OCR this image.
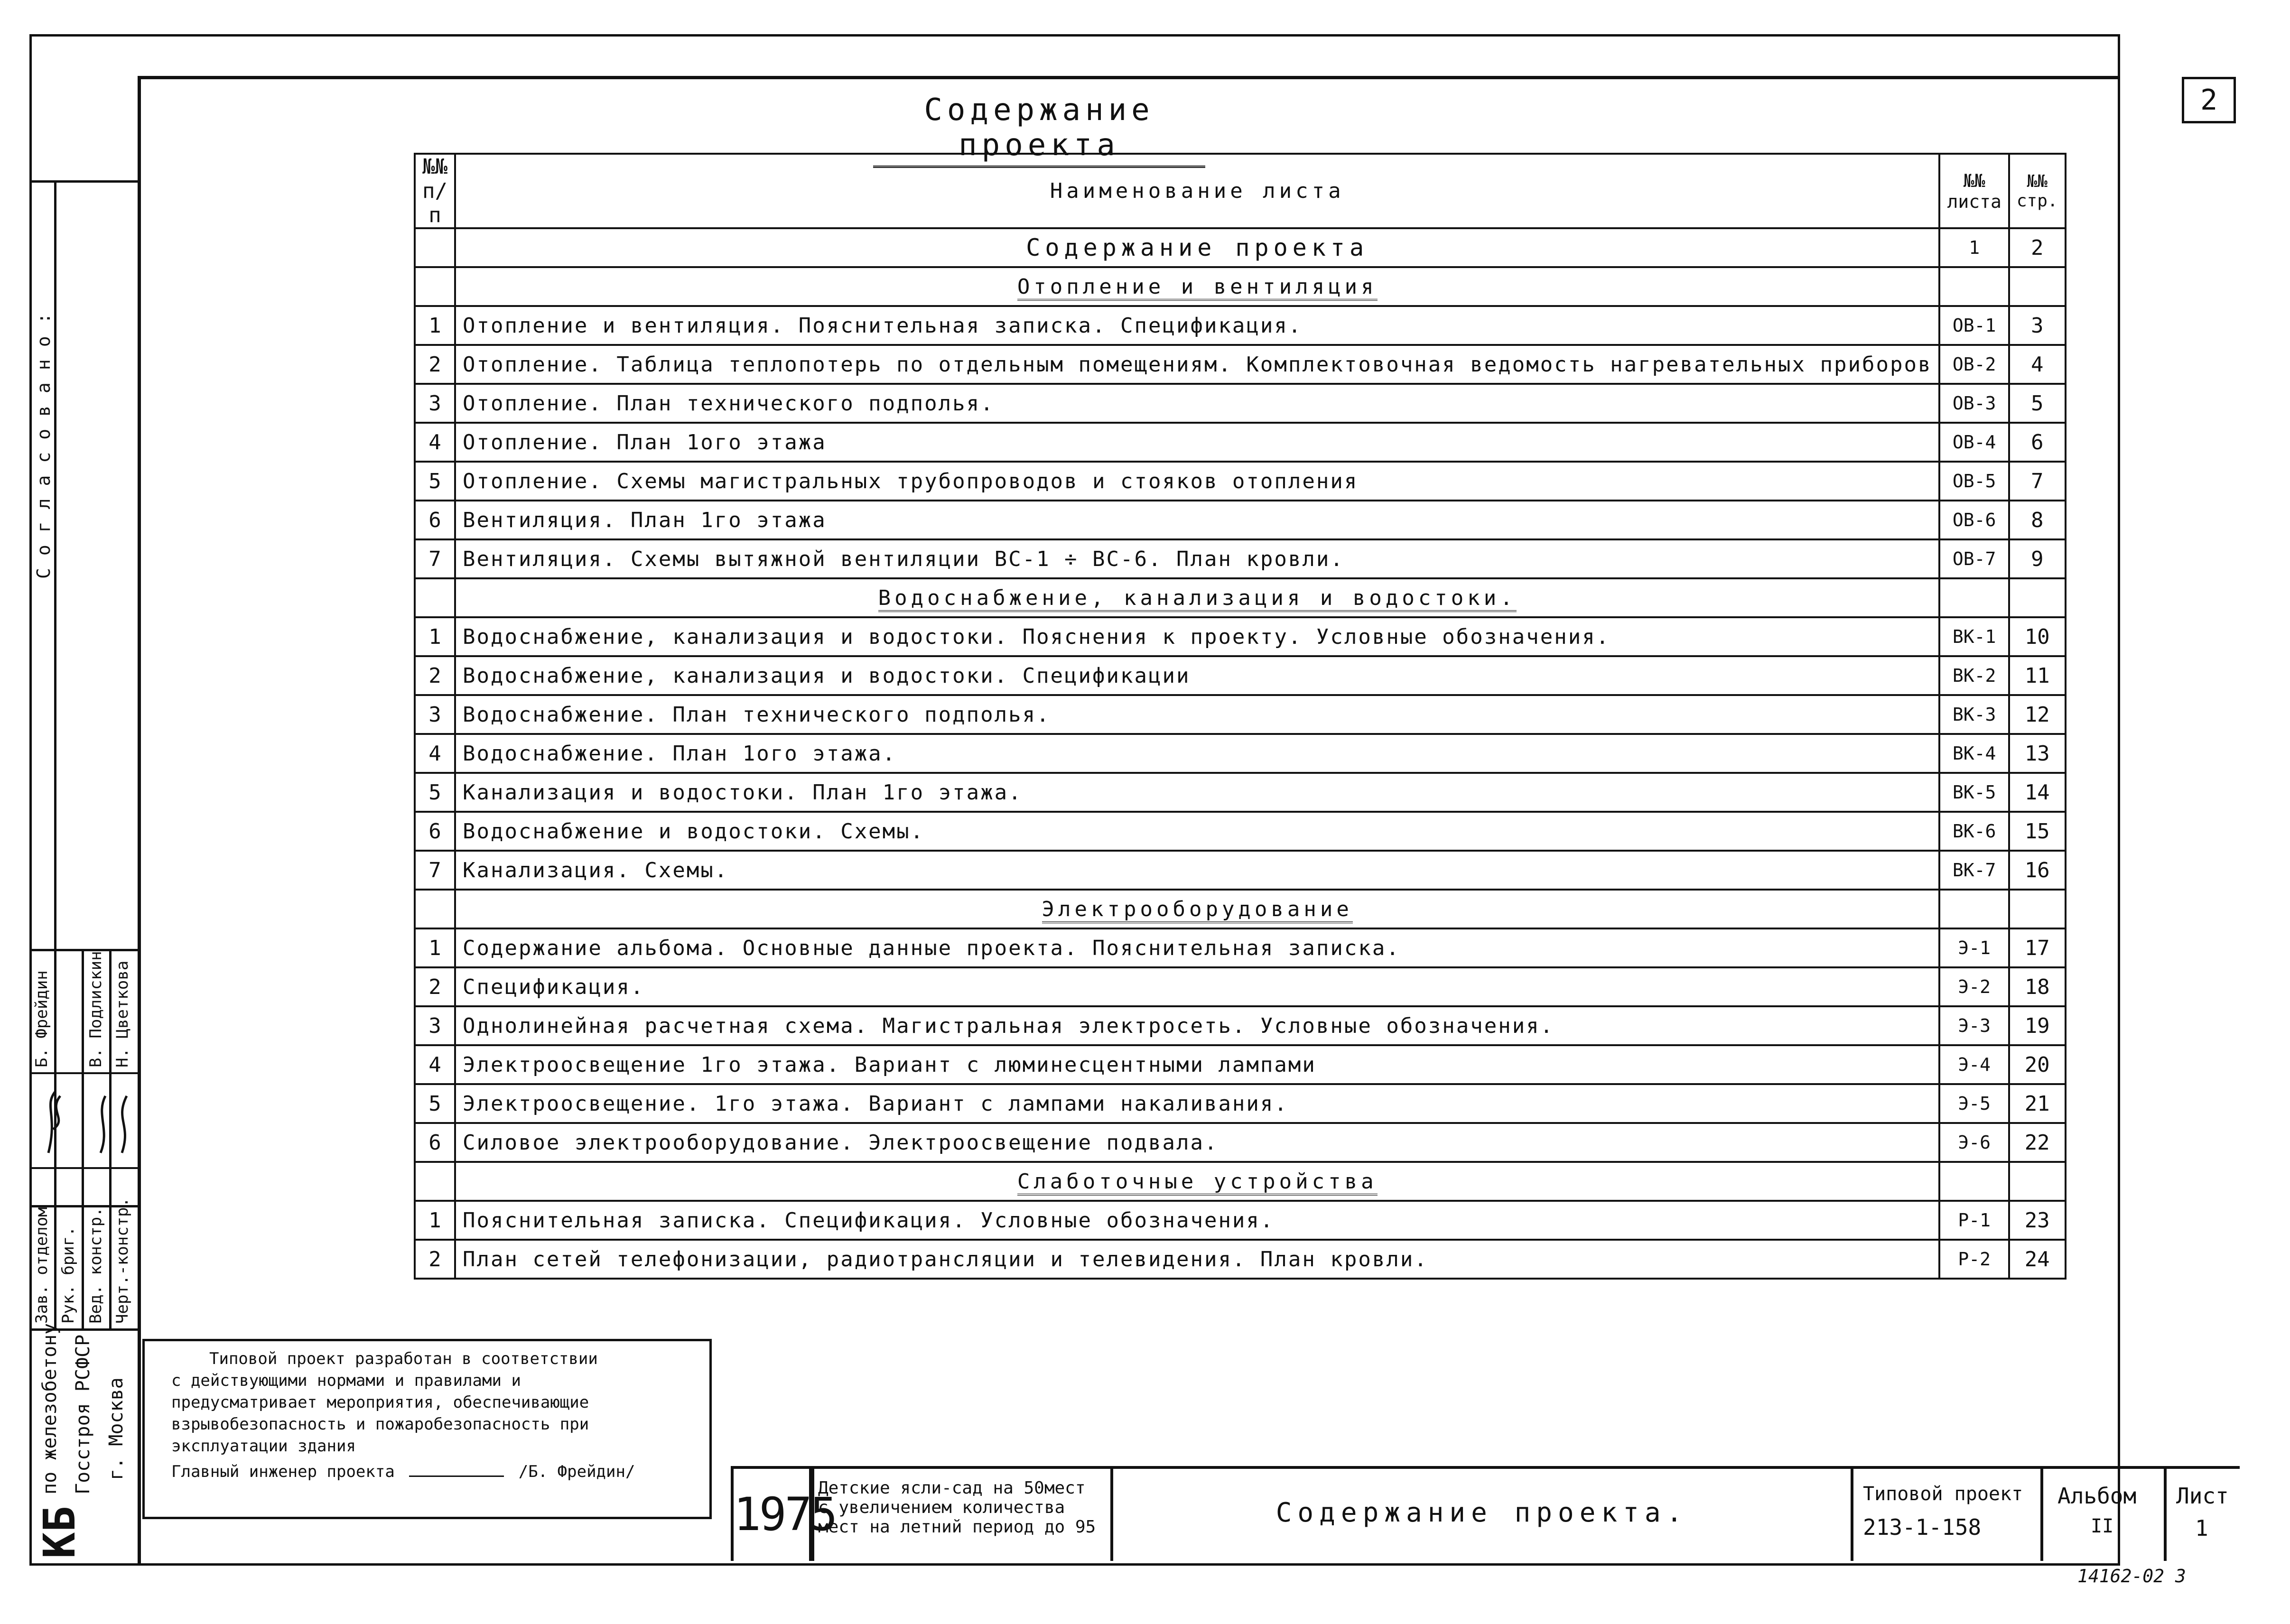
Согласовано:
Зав. отделом Рук. бриг. Вед. констр. Черт.-констр.
Б. Фрейдин В. Подлискин Н. Цветкова
КБ
по железобетону Госстроя РСФСР г. Москва
2
Содержание проекта
№№ п/п	Наименование листа	№№ листа	№№ стр.
	Содержание проекта	1	2
	Отопление и вентиляция		
1	Отопление и вентиляция. Пояснительная записка. Спецификация.	ОВ-1	3
2	Отопление. Таблица теплопотерь по отдельным помещениям. Комплектовочная ведомость нагревательных приборов	ОВ-2	4
3	Отопление. План технического подполья.	ОВ-3	5
4	Отопление. План 1ого этажа	ОВ-4	6
5	Отопление. Схемы магистральных трубопроводов и стояков отопления	ОВ-5	7
6	Вентиляция. План 1го этажа	ОВ-6	8
7	Вентиляция. Схемы вытяжной вентиляции ВС-1 ÷ ВС-6. План кровли.	ОВ-7	9
	Водоснабжение, канализация и водостоки.		
1	Водоснабжение, канализация и водостоки. Пояснения к проекту. Условные обозначения.	ВК-1	10
2	Водоснабжение, канализация и водостоки. Спецификации	ВК-2	11
3	Водоснабжение. План технического подполья.	ВК-3	12
4	Водоснабжение. План 1ого этажа.	ВК-4	13
5	Канализация и водостоки. План 1го этажа.	ВК-5	14
6	Водоснабжение и водостоки. Схемы.	ВК-6	15
7	Канализация. Схемы.	ВК-7	16
	Электрооборудование		
1	Содержание альбома. Основные данные проекта. Пояснительная записка.	Э-1	17
2	Спецификация.	Э-2	18
3	Однолинейная расчетная схема. Магистральная электросеть. Условные обозначения.	Э-3	19
4	Электроосвещение 1го этажа. Вариант с люминесцентными лампами	Э-4	20
5	Электроосвещение. 1го этажа. Вариант с лампами накаливания.	Э-5	21
6	Силовое электрооборудование. Электроосвещение подвала.	Э-6	22
	Слаботочные устройства		
1	Пояснительная записка. Спецификация. Условные обозначения.	Р-1	23
2	План сетей телефонизации, радиотрансляции и телевидения. План кровли.	Р-2	24
Типовой проект разработан в соответствии
с действующими нормами и правилами и
предусматривает мероприятия, обеспечивающие
взрывобезопасность и пожаробезопасность при
эксплуатации здания
Главный инженер проекта	/Б. Фрейдин/
1975
Детские ясли-сад на 50мест
с увеличением количества
мест на летний период до 95	Содержание проекта.
Типовой проект
213-1-158
Альбом
II
Лист
1
14162-02 3
